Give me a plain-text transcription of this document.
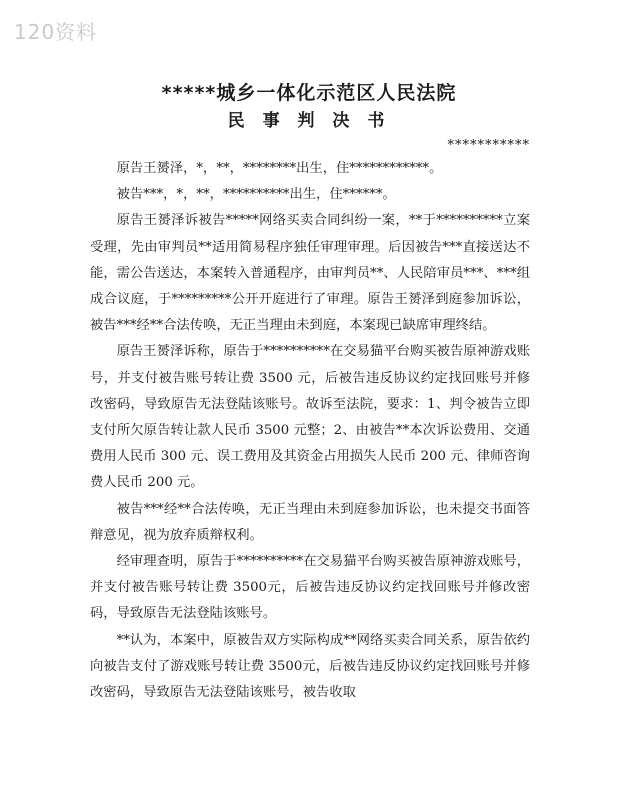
120资料
*****城乡一体化示范区人民法院
民 事 判 决 书
***********

原告王赟泽，*，**，********出生，住************。

被告***，*，**，**********出生，住******。

原告王赟泽诉被告*****网络买卖合同纠纷一案，**于**********立案受理，先由审判员**适用简易程序独任审理审理。后因被告***直接送达不能，需公告送达，本案转入普通程序，由审判员**、人民陪审员***、***组成合议庭，于*********公开开庭进行了审理。原告王赟泽到庭参加诉讼，被告***经**合法传唤，无正当理由未到庭，本案现已缺席审理终结。

原告王赟泽诉称，原告于**********在交易猫平台购买被告原神游戏账号，并支付被告账号转让费 3500 元，后被告违反协议约定找回账号并修改密码，导致原告无法登陆该账号。故诉至法院，要求：1、判令被告立即支付所欠原告转让款人民币 3500 元整；2、由被告**本次诉讼费用、交通费用人民币 300 元、误工费用及其资金占用损失人民币 200 元、律师咨询费人民币 200 元。

被告***经**合法传唤，无正当理由未到庭参加诉讼，也未提交书面答辩意见，视为放弃质辩权利。

经审理查明，原告于**********在交易猫平台购买被告原神游戏账号，并支付被告账号转让费 3500元，后被告违反协议约定找回账号并修改密码，导致原告无法登陆该账号。

**认为，本案中，原被告双方实际构成**网络买卖合同关系，原告依约向被告支付了游戏账号转让费 3500元，后被告违反协议约定找回账号并修改密码，导致原告无法登陆该账号，被告收取
